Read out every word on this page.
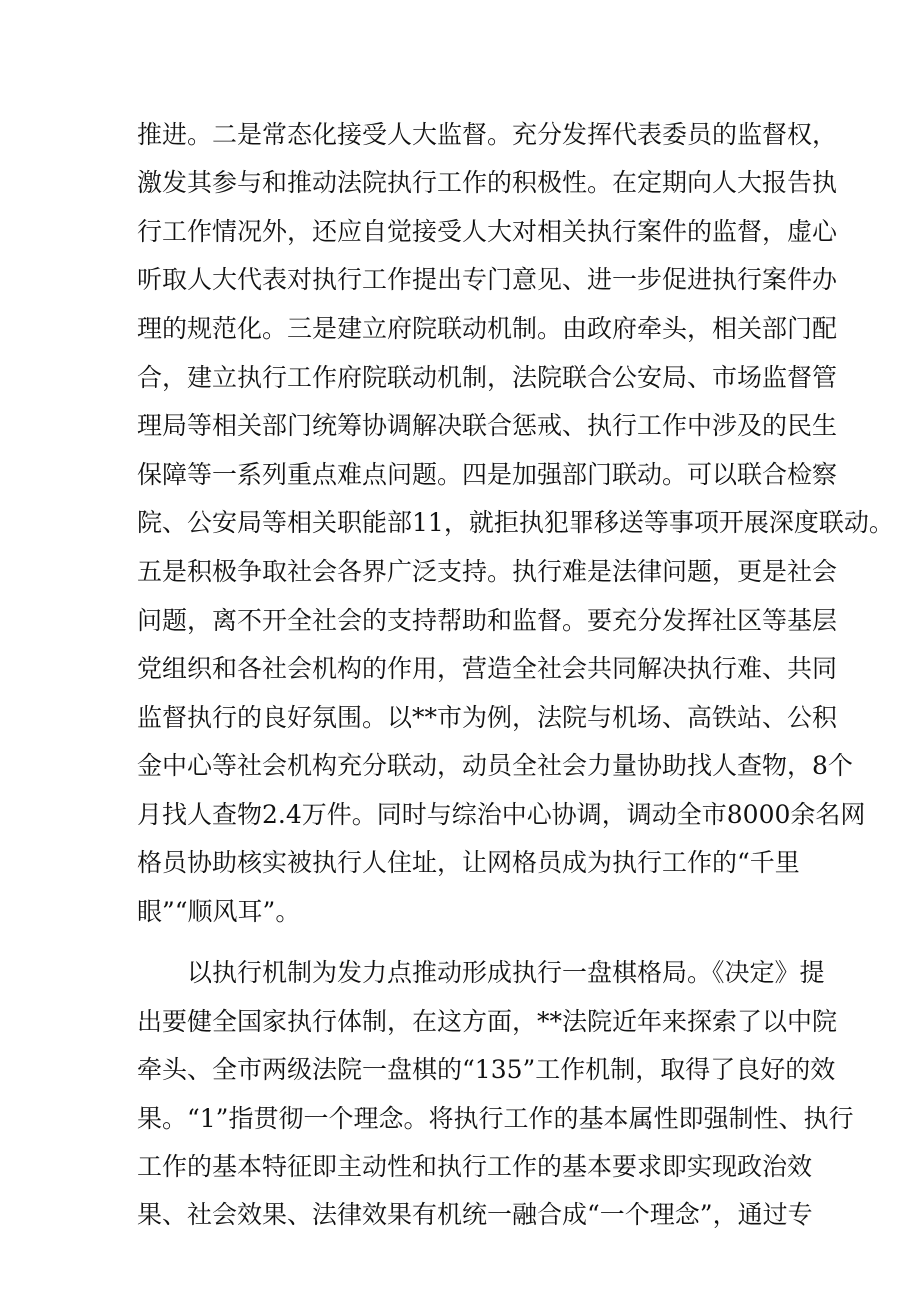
推进。二是常态化接受人大监督。充分发挥代表委员的监督权，
激发其参与和推动法院执行工作的积极性。在定期向人大报告执
行工作情况外，还应自觉接受人大对相关执行案件的监督，虚心
听取人大代表对执行工作提出专门意见、进一步促进执行案件办
理的规范化。三是建立府院联动机制。由政府牵头，相关部门配
合，建立执行工作府院联动机制，法院联合公安局、市场监督管
理局等相关部门统筹协调解决联合惩戒、执行工作中涉及的民生
保障等一系列重点难点问题。四是加强部门联动。可以联合检察
院、公安局等相关职能部11，就拒执犯罪移送等事项开展深度联动。
五是积极争取社会各界广泛支持。执行难是法律问题，更是社会
问题，离不开全社会的支持帮助和监督。要充分发挥社区等基层
党组织和各社会机构的作用，营造全社会共同解决执行难、共同
监督执行的良好氛围。以**市为例，法院与机场、高铁站、公积
金中心等社会机构充分联动，动员全社会力量协助找人查物，8个
月找人查物2.4万件。同时与综治中心协调，调动全市8000余名网
格员协助核实被执行人住址，让网格员成为执行工作的“千里
眼”“顺风耳”。
以执行机制为发力点推动形成执行一盘棋格局。《决定》提
出要健全国家执行体制，在这方面，**法院近年来探索了以中院
牵头、全市两级法院一盘棋的“135”工作机制，取得了良好的效
果。“1”指贯彻一个理念。将执行工作的基本属性即强制性、执行
工作的基本特征即主动性和执行工作的基本要求即实现政治效
果、社会效果、法律效果有机统一融合成“一个理念”，通过专
